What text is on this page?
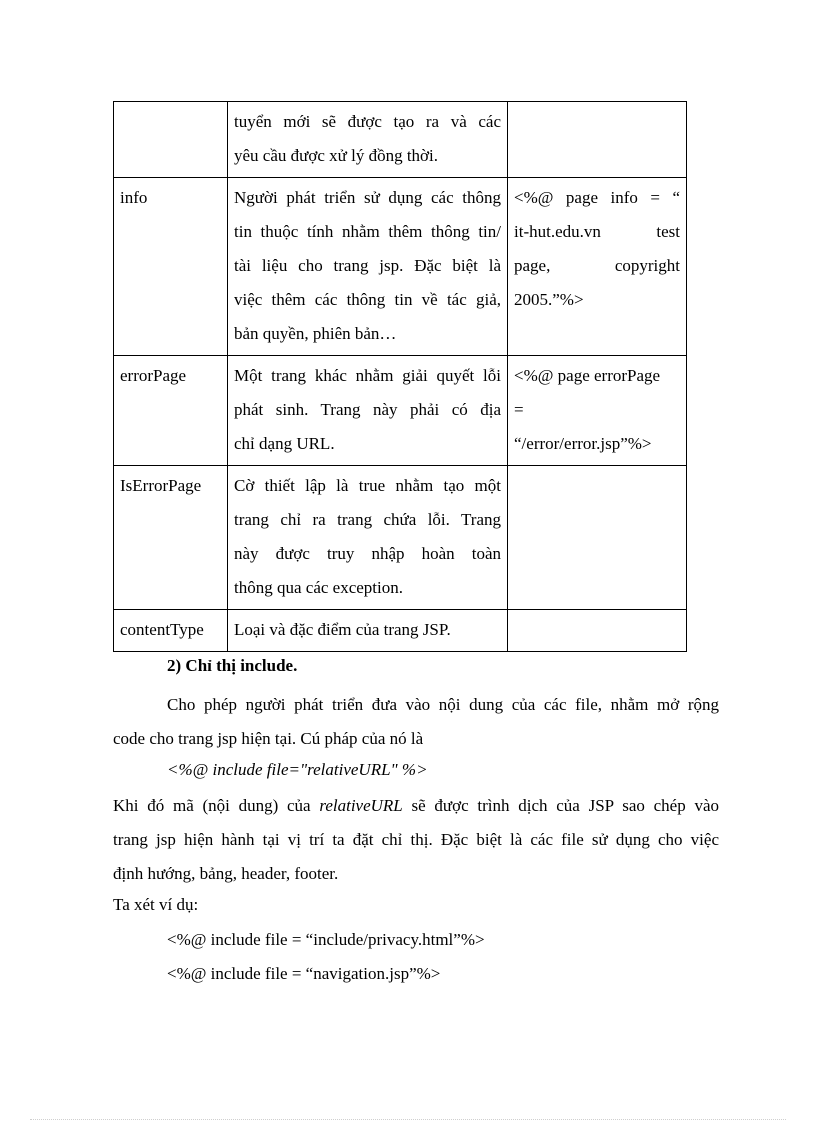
	tuyển mới sẽ được tạo ra và các
yêu cầu được xử lý đồng thời.	

info	Người phát triển sử dụng các thông
tin thuộc tính nhằm thêm thông tin/
tài liệu cho trang jsp. Đặc biệt là
việc thêm các thông tin về tác giả,
bản quyền, phiên bản…	<%@ page info = “
it-hut.edu.vn test
page, copyright
2005.”%>

errorPage	Một trang khác nhằm giải quyết lỗi
phát sinh. Trang này phải có địa
chỉ dạng URL.	<%@ page errorPage
=
“/error/error.jsp”%>

IsErrorPage	Cờ thiết lập là true nhằm tạo một
trang chỉ ra trang chứa lỗi. Trang
này được truy nhập hoàn toàn
thông qua các exception.	

contentType	Loại và đặc điểm của trang JSP.	

2) Chỉ thị include.
Cho phép người phát triển đưa vào nội dung của các file, nhằm mở rộng
code cho trang jsp hiện tại. Cú pháp của nó là
<%@ include file="relativeURL" %>
Khi đó mã (nội dung) của relativeURL sẽ được trình dịch của JSP sao chép vào
trang jsp hiện hành tại vị trí ta đặt chỉ thị. Đặc biệt là các file sử dụng cho việc
định hướng, bảng, header, footer.
Ta xét ví dụ:
<%@ include file = “include/privacy.html”%>
<%@ include file = “navigation.jsp”%>
